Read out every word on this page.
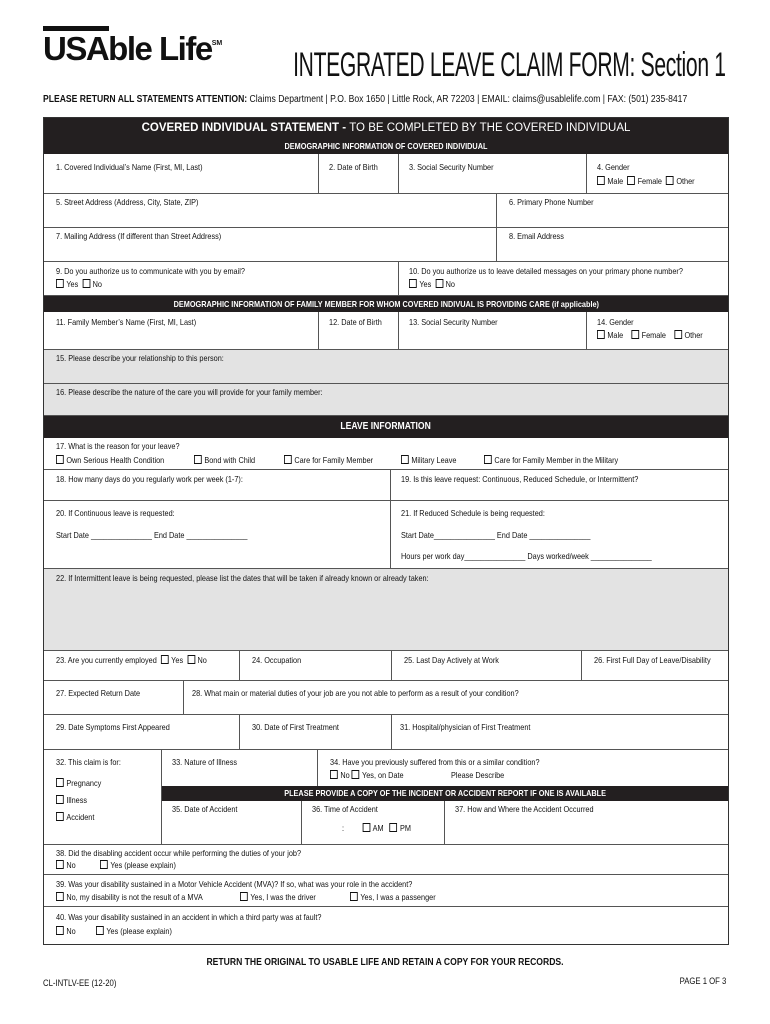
USAble Life℠
INTEGRATED LEAVE CLAIM FORM: Section 1
PLEASE RETURN ALL STATEMENTS ATTENTION: Claims Department | P.O. Box 1650 | Little Rock, AR 72203 | EMAIL: claims@usablelife.com | FAX: (501) 235-8417
COVERED INDIVIDUAL STATEMENT - TO BE COMPLETED BY THE COVERED INDIVIDUAL
DEMOGRAPHIC INFORMATION OF COVERED INDIVIDUAL
1. Covered Individual’s Name (First, MI, Last)	2. Date of Birth	3. Social Security Number	4. Gender
Male Female Other
5. Street Address (Address, City, State, ZIP)	6. Primary Phone Number
7. Mailing Address (If different than Street Address)	8. Email Address
9. Do you authorize us to communicate with you by email?
Yes No
10. Do you authorize us to leave detailed messages on your primary phone number?
Yes No
DEMOGRAPHIC INFORMATION OF FAMILY MEMBER FOR WHOM COVERED INDIVUAL IS PROVIDING CARE (if applicable)
11. Family Member’s Name (First, MI, Last)	12. Date of Birth	13. Social Security Number	14. Gender
Male Female Other
15. Please describe your relationship to this person:
16. Please describe the nature of the care you will provide for your family member:
LEAVE INFORMATION
17. What is the reason for your leave?
Own Serious Health Condition	Bond with Child	Care for Family Member	Military Leave	Care for Family Member in the Military
18. How many days do you regularly work per week (1-7):	19. Is this leave request: Continuous, Reduced Schedule, or Intermittent?
20. If Continuous leave is requested:
Start Date _______________ End Date _______________
21. If Reduced Schedule is being requested:
Start Date_______________ End Date _______________
Hours per work day_______________ Days worked/week _______________
22. If Intermittent leave is being requested, please list the dates that will be taken if already known or already taken:
23. Are you currently employed Yes No	24. Occupation	25. Last Day Actively at Work	26. First Full Day of Leave/Disability
27. Expected Return Date	28. What main or material duties of your job are you not able to perform as a result of your condition?
29. Date Symptoms First Appeared	30. Date of First Treatment	31. Hospital/physician of First Treatment
32. This claim is for:
Pregnancy
Illness
Accident
33. Nature of Illness	34. Have you previously suffered from this or a similar condition?
No Yes, on Date	Please Describe
PLEASE PROVIDE A COPY OF THE INCIDENT OR ACCIDENT REPORT IF ONE IS AVAILABLE
35. Date of Accident	36. Time of Accident
:	AM PM
37. How and Where the Accident Occurred
38. Did the disabling accident occur while performing the duties of your job?
No	Yes (please explain)
39. Was your disability sustained in a Motor Vehicle Accident (MVA)? If so, what was your role in the accident?
No, my disability is not the result of a MVA	Yes, I was the driver	Yes, I was a passenger
40. Was your disability sustained in an accident in which a third party was at fault?
No	Yes (please explain)
RETURN THE ORIGINAL TO USABLE LIFE AND RETAIN A COPY FOR YOUR RECORDS.
CL-INTLV-EE (12-20)	PAGE 1 OF 3
